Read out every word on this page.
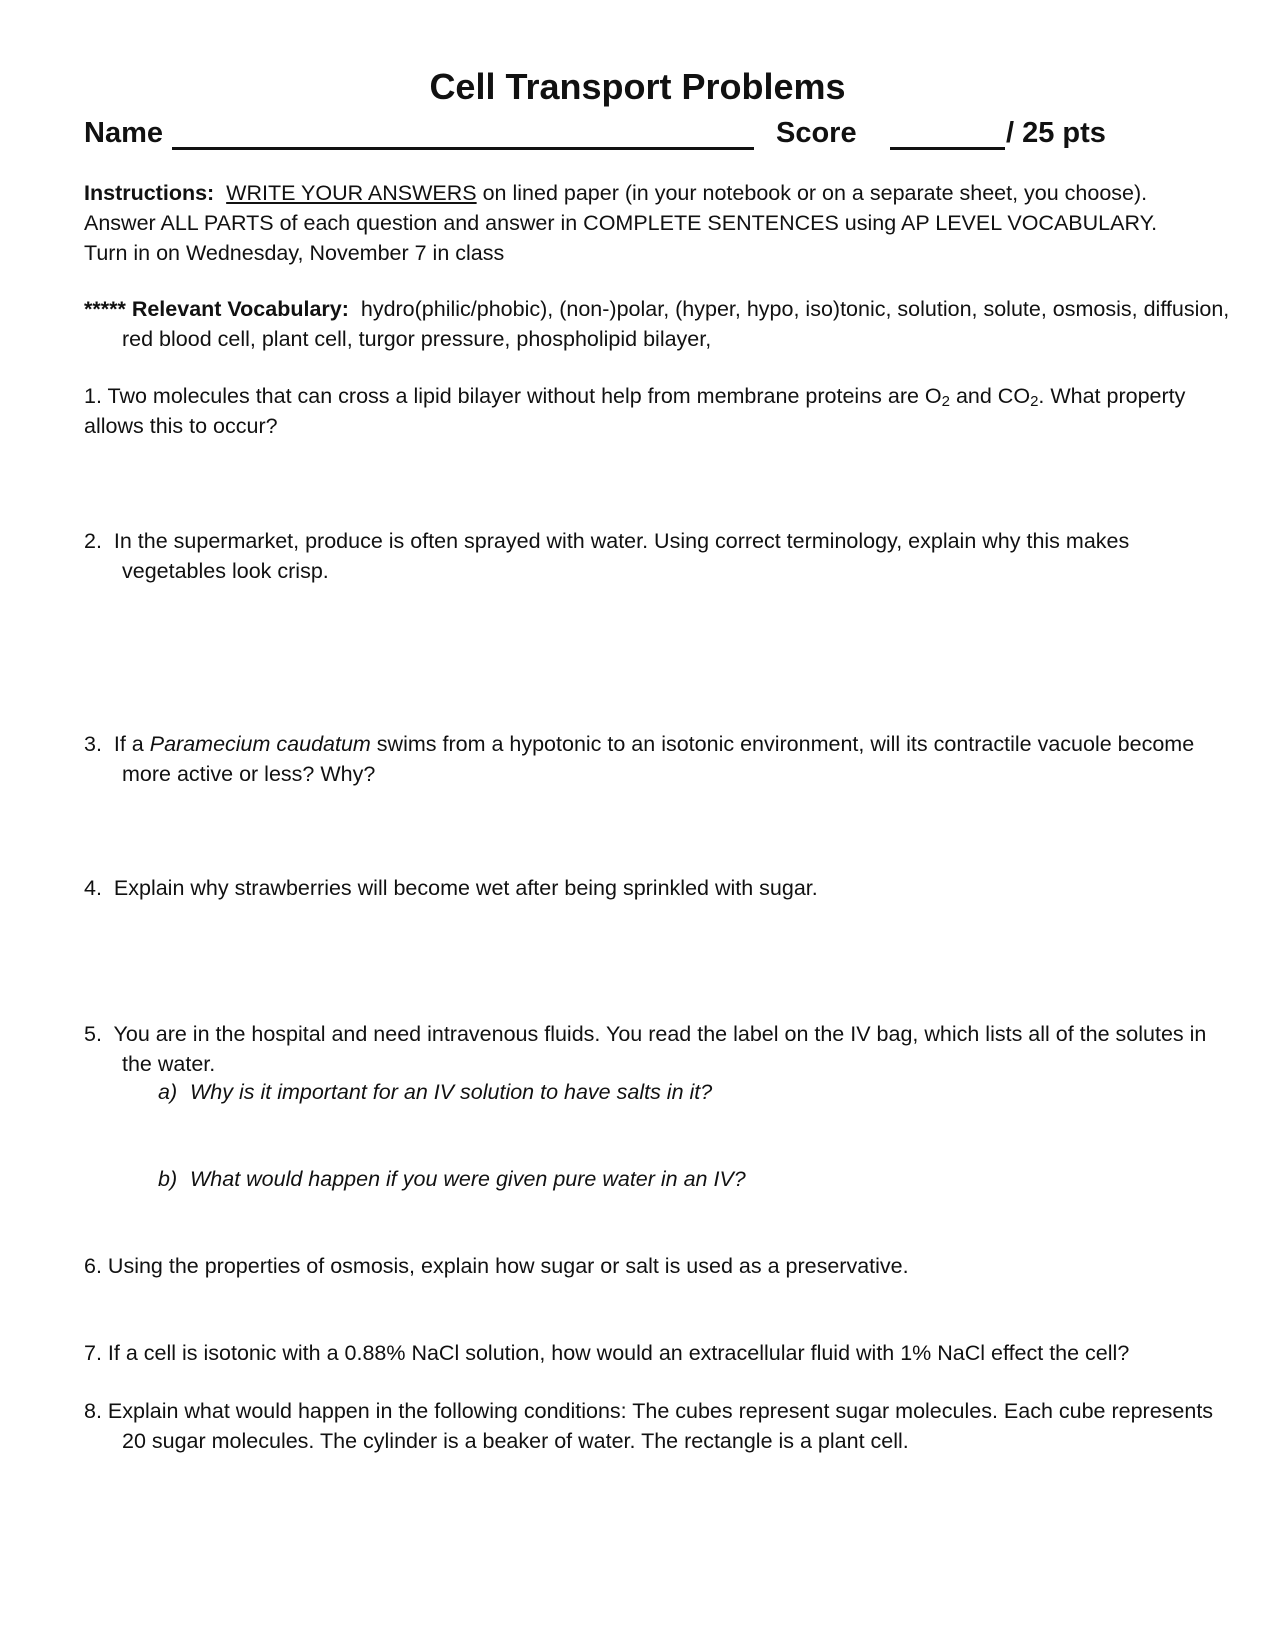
Cell Transport Problems
Name	Score	/ 25 pts
Instructions: WRITE YOUR ANSWERS on lined paper (in your notebook or on a separate sheet, you choose). Answer ALL PARTS of each question and answer in COMPLETE SENTENCES using AP LEVEL VOCABULARY. Turn in on Wednesday, November 7 in class
***** Relevant Vocabulary: hydro(philic/phobic), (non-)polar, (hyper, hypo, iso)tonic, solution, solute, osmosis, diffusion, red blood cell, plant cell, turgor pressure, phospholipid bilayer,
1. Two molecules that can cross a lipid bilayer without help from membrane proteins are $O_2$ and $CO_2$. What property allows this to occur?
2. In the supermarket, produce is often sprayed with water. Using correct terminology, explain why this makes vegetables look crisp.
3. If a Paramecium caudatum swims from a hypotonic to an isotonic environment, will its contractile vacuole become more active or less? Why?
4. Explain why strawberries will become wet after being sprinkled with sugar.
5. You are in the hospital and need intravenous fluids. You read the label on the IV bag, which lists all of the solutes in the water.
a) Why is it important for an IV solution to have salts in it?
b) What would happen if you were given pure water in an IV?
6. Using the properties of osmosis, explain how sugar or salt is used as a preservative.
7. If a cell is isotonic with a 0.88% NaCl solution, how would an extracellular fluid with 1% NaCl effect the cell?
8. Explain what would happen in the following conditions: The cubes represent sugar molecules. Each cube represents 20 sugar molecules. The cylinder is a beaker of water. The rectangle is a plant cell.
